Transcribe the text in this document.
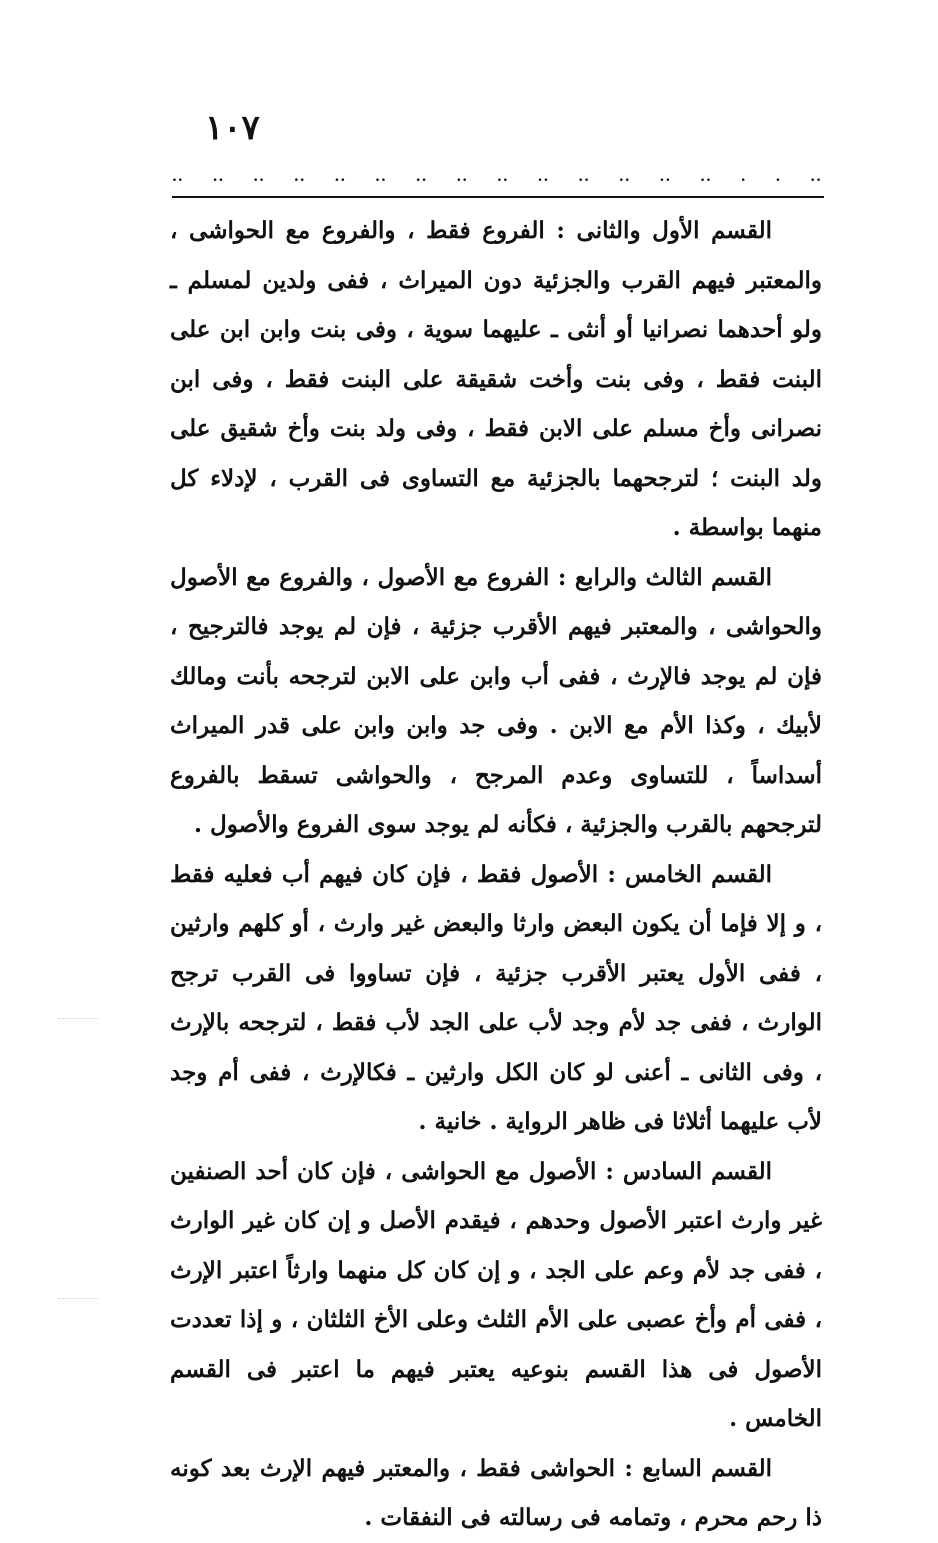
١٠٧
.. .. .. .. .. .. .. .. .. .. .. .. .. .. . . ..

القسم الأول والثانى : الفروع فقط ، والفروع مع الحواشى ، والمعتبر فيهم القرب والجزئية دون الميراث ، ففى ولدين لمسلم ـ ولو أحدهما نصرانيا أو أنثى ـ عليهما سوية ، وفى بنت وابن ابن على البنت فقط ، وفى بنت وأخت شقيقة على البنت فقط ، وفى ابن نصرانى وأخ مسلم على الابن فقط ، وفى ولد بنت وأخ شقيق على ولد البنت ؛ لترجحهما بالجزئية مع التساوى فى القرب ، لإدلاء كل منهما بواسطة .

القسم الثالث والرابع : الفروع مع الأصول ، والفروع مع الأصول والحواشى ، والمعتبر فيهم الأقرب جزئية ، فإن لم يوجد فالترجيح ، فإن لم يوجد فالإرث ، ففى أب وابن على الابن لترجحه بأنت ومالك لأبيك ، وكذا الأم مع الابن . وفى جد وابن وابن على قدر الميراث أسداساً ، للتساوى وعدم المرجح ، والحواشى تسقط بالفروع لترجحهم بالقرب والجزئية ، فكأنه لم يوجد سوى الفروع والأصول .

القسم الخامس : الأصول فقط ، فإن كان فيهم أب فعليه فقط ، و إلا فإما أن يكون البعض وارثا والبعض غير وارث ، أو كلهم وارثين ، ففى الأول يعتبر الأقرب جزئية ، فإن تساووا فى القرب ترجح الوارث ، ففى جد لأم وجد لأب على الجد لأب فقط ، لترجحه بالإرث ، وفى الثانى ـ أعنى لو كان الكل وارثين ـ فكالإرث ، ففى أم وجد لأب عليهما أثلاثا فى ظاهر الرواية . خانية .

القسم السادس : الأصول مع الحواشى ، فإن كان أحد الصنفين غير وارث اعتبر الأصول وحدهم ، فيقدم الأصل و إن كان غير الوارث ، ففى جد لأم وعم على الجد ، و إن كان كل منهما وارثاً اعتبر الإرث ، ففى أم وأخ عصبى على الأم الثلث وعلى الأخ الثلثان ، و إذا تعددت الأصول فى هذا القسم بنوعيه يعتبر فيهم ما اعتبر فى القسم الخامس .

القسم السابع : الحواشى فقط ، والمعتبر فيهم الإرث بعد كونه ذا رحم محرم ، وتمامه فى رسالته فى النفقات .
